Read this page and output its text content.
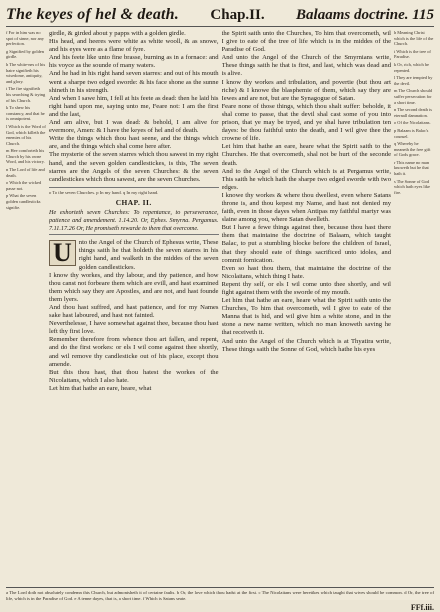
The keyes of hel & death. Chap.II. Balaams doctrine. 115
f For in him was no spot of sinne, nor any perfection.
g Signified by golden girdle.
h The white-nes of his haire signifieth his wisedome, antiquity, and glory.
i The fire signifieth his searching & trying of his Church.
k To shew his constancy, and that he is omnipotent.
l Which is the Word of God, which killeth the enemies of his Church.
m Hee comforteth his Church by his owne Word, and his victory.
n The Lord of life and death.
o Which the wicked passe not.
p What the seven golden candlesticks signifie.

girdle, & girded about y papps with a golden girdle.

His head, and heeres were white as white wooll, & as snowe, and his eyes were as a flame of fyre.

And his feete like unto fine brasse, burning as in a fornace: and his voyce as the sounde of many waters.

And he had in his right hand seven starres: and out of his mouth went a sharpe two edged sworde: & his face shone as the sunne shineth in his strength.

And when I sawe him, I fell at his feete as dead: then he laid his right hand upon me, saying unto me, Feare not: I am the first and the last,

And am alive, but I was dead: & behold, I am alive for evermore, Amen: & I have the keyes of hel and of death.

Write the things which thou hast seene, and the things which are, and the things which shal come here after.

The mysterie of the seven starres which thou sawest in my right hand, and the seven golden candlestickes, is this, The seven starres are the Angels of the seven Churches: & the seven candlestickes which thou sawest, are the seven Churches.

o To the seven Churches. p In my hand. q In my right hand.
CHAP. II.
He exhorteth seven Churches: To repentance, to perseverance, patience and amendement. 1.14.20. Or, Ephes. Smyrna. Pergamus. 7.11.17.26 Or, He promiseth rewarde to them that overcome.

U	nto the Angel of the Church of Ephesus write, These things saith he that holdeth the seven starres in his right hand, and walketh in the middes of the seven golden candlestickes.

I know thy workes, and thy labour, and thy patience, and how thou canst not forbeare them which are evill, and hast examined them which say they are Apostles, and are not, and hast founde them lyers.

And thou hast suffred, and hast patience, and for my Names sake hast laboured, and hast not fainted.

Neverthelesse, I have somewhat against thee, because thou hast left thy first love.

Remember therefore from whence thou art fallen, and repent, and do the first workes: or els I wil come against thee shortly, and wil remove thy candlesticke out of his place, except thou amende.

But this thou hast, that thou hatest the workes of the Nicolaitans, which I also hate.

Let him that hathe an eare, heare, what

the Spirit saith unto the Churches, To him that overcometh, wil I give to eate of the tree of life which is in the middes of the Paradise of God.

And unto the Angel of the Church of the Smyrnians write, These things saith he that is first, and last, which was dead and is alive.

I know thy workes and tribulation, and povertie (but thou art riche) & I knowe the blasphemie of them, which say they are Iewes and are not, but are the Synagogue of Satan.

Feare none of those things, which thou shalt suffer: beholde, it shal come to passe, that the devil shal cast some of you into prison, that ye may be tryed, and ye shal have tribulation ten dayes: be thou faithful unto the death, and I wil give thee the crowne of life.

Let him that hathe an eare, heare what the Spirit saith to the Churches. He that overcometh, shal not be hurt of the seconde death.

And to the Angel of the Church which is at Pergamus write, This saith he which hath the sharpe two edged sworde with two edges.

I knowe thy workes & where thou dwellest, even where Satans throne is, and thou kepest my Name, and hast not denied my faith, even in those dayes when Antipas my faithful martyr was slaine among you, where Satan dwelleth.

But I have a fewe things against thee, because thou hast there them that maintaine the doctrine of Balaam, which taught Balac, to put a stumbling blocke before the children of Israel, that they should eate of things sacrificed unto idoles, and commit fornication.

Even so hast thou them, that maintaine the doctrine of the Nicolaitans, which thing I hate.

Repent thy self, or els I wil come unto thee shortly, and wil fight against them with the sworde of my mouth.

Let him that hathe an eare, heare what the Spirit saith unto the Churches, To him that overcometh, wil I give to eate of the Manna that is hid, and wil give him a white stone, and in the stone a new name written, which no man knoweth saving he that receiveth it.

And unto the Angel of the Church which is at Thyatira write, These things saith the Sonne of God, which hathe his eyes

h Meaning Christ which is the life of the Church.
i Which is the tree of Paradise.
k Or, rich, which he repented.
l They are tempted by the devil.
m The Church should suffer persecution for a short time.
n The second death is eternall damnation.
o Of the Nicolaitans.
p Balaam is Balac's counsel.
q Whereby he meaneth the free gift of Gods grace.
r This name no man knoweth but he that hath it.
s The Sonne of God which hath eyes like fire.
a The Lord doth not absolutely condemn this Church, but admonisheth it of certaine faults. b Or, the love which thou hadst at the first. c The Nicolaitans were heretikes which taught that wives should be common. d Or, the tree of life, which is in the Paradise of God. e A tenne dayes, that is, a short time. f Which is Satans seate.
FFf.iii.
